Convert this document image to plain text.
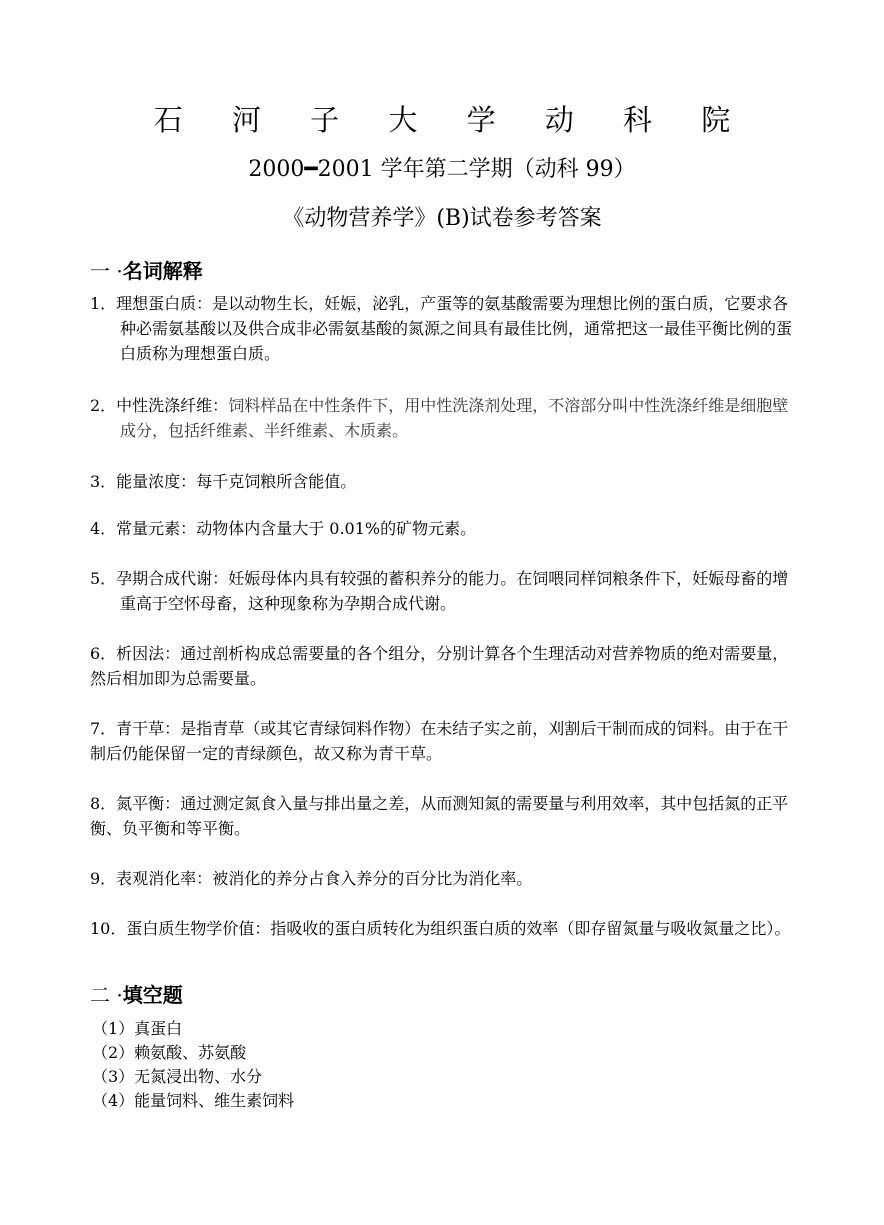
石 河 子 大 学 动 科 院
2000━2001 学年第二学期（动科 99）
《动物营养学》(B)试卷参考答案
一 ·名词解释
1．理想蛋白质：是以动物生长，妊娠，泌乳，产蛋等的氨基酸需要为理想比例的蛋白质，它要求各种必需氨基酸以及供合成非必需氨基酸的氮源之间具有最佳比例，通常把这一最佳平衡比例的蛋白质称为理想蛋白质。
2．中性洗涤纤维：饲料样品在中性条件下，用中性洗涤剂处理，不溶部分叫中性洗涤纤维是细胞壁成分，包括纤维素、半纤维素、木质素。
3．能量浓度：每千克饲粮所含能值。
4．常量元素：动物体内含量大于 0.01%的矿物元素。
5．孕期合成代谢：妊娠母体内具有较强的蓄积养分的能力。在饲喂同样饲粮条件下，妊娠母畜的增重高于空怀母畜，这种现象称为孕期合成代谢。
6．析因法：通过剖析构成总需要量的各个组分，分别计算各个生理活动对营养物质的绝对需要量，然后相加即为总需要量。
7．青干草：是指青草（或其它青绿饲料作物）在未结子实之前，刈割后干制而成的饲料。由于在干制后仍能保留一定的青绿颜色，故又称为青干草。
8．氮平衡：通过测定氮食入量与排出量之差，从而测知氮的需要量与利用效率，其中包括氮的正平衡、负平衡和等平衡。
9．表观消化率：被消化的养分占食入养分的百分比为消化率。
10．蛋白质生物学价值：指吸收的蛋白质转化为组织蛋白质的效率（即存留氮量与吸收氮量之比）。
二 ·填空题
（1）真蛋白
（2）赖氨酸、苏氨酸
（3）无氮浸出物、水分
（4）能量饲料、维生素饲料
